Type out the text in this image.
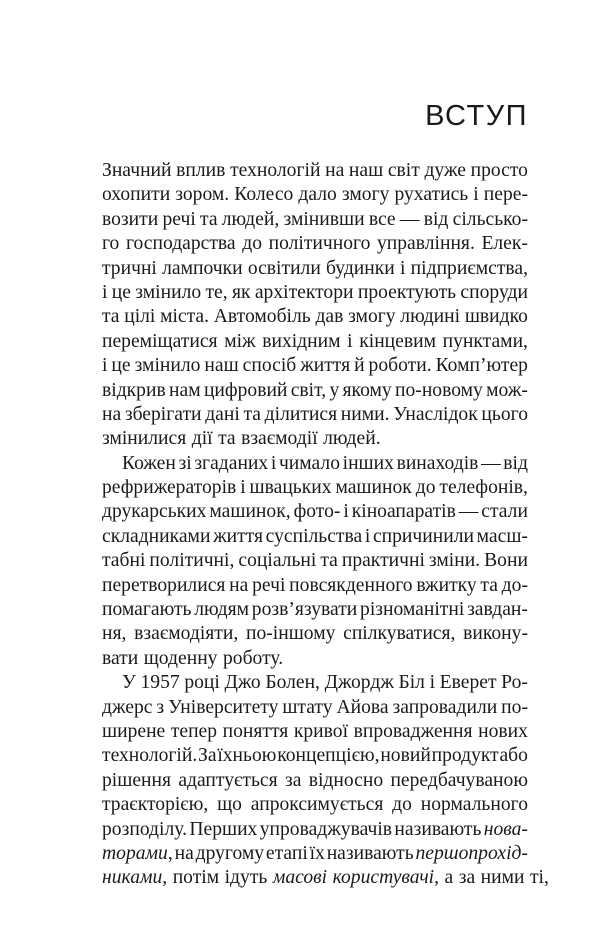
ВСТУП
Значний вплив технологій на наш світ дуже просто
охопити зором. Колесо дало змогу рухатись і пере-
возити речі та людей, змінивши все — від сільсько-
го господарства до політичного управління. Елек-
тричні лампочки освітили будинки і підприємства,
і це змінило те, як архітектори проектують споруди
та цілі міста. Автомобіль дав змогу людині швидко
переміщатися між вихідним і кінцевим пунктами,
і це змінило наш спосіб життя й роботи. Комп’ютер
відкрив нам цифровий світ, у якому по-новому мож-
на зберігати дані та ділитися ними. Унаслідок цього
змінилися дії та взаємодії людей.
Кожен зі згаданих і чимало інших винаходів — від
рефрижераторів і швацьких машинок до телефонів,
друкарських машинок, фото- і кіноапаратів — стали
складниками життя суспільства і спричинили масш-
табні політичні, соціальні та практичні зміни. Вони
перетворилися на речі повсякденного вжитку та до-
помагають людям розв’язувати різноманітні завдан-
ня, взаємодіяти, по-іншому спілкуватися, викону-
вати щоденну роботу.
У 1957 році Джо Болен, Джордж Біл і Еверет Ро-
джерс з Університету штату Айова запровадили по-
ширене тепер поняття кривої впровадження нових
технологій. За їхньою концепцією, новий продукт або
рішення адаптується за відносно передбачуваною
траєкторією, що апроксимується до нормального
розподілу. Перших упроваджувачів називають нова-
торами, на другому етапі їх називають першопрохід-
никами, потім ідуть масові користувачі, а за ними ті,
